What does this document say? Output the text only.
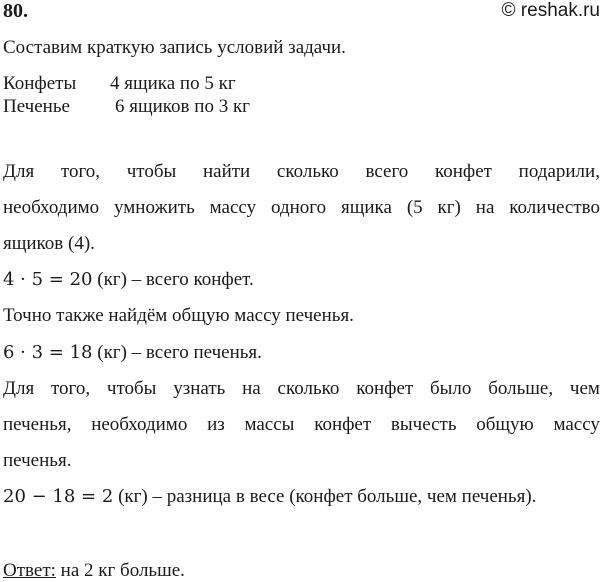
80.	© reshak.ru
Составим краткую запись условий задачи.
Конфеты 4 ящика по 5 кг
Печенье 6 ящиков по 3 кг
Для того, чтобы найти сколько всего конфет подарили,
необходимо умножить массу одного ящика (5 кг) на количество
ящиков (4).
4 · 5 = 20 (кг) – всего конфет.
Точно также найдём общую массу печенья.
6 · 3 = 18 (кг) – всего печенья.
Для того, чтобы узнать на сколько конфет было больше, чем
печенья, необходимо из массы конфет вычесть общую массу
печенья.
20 − 18 = 2 (кг) – разница в весе (конфет больше, чем печенья).
Ответ: на 2 кг больше.
